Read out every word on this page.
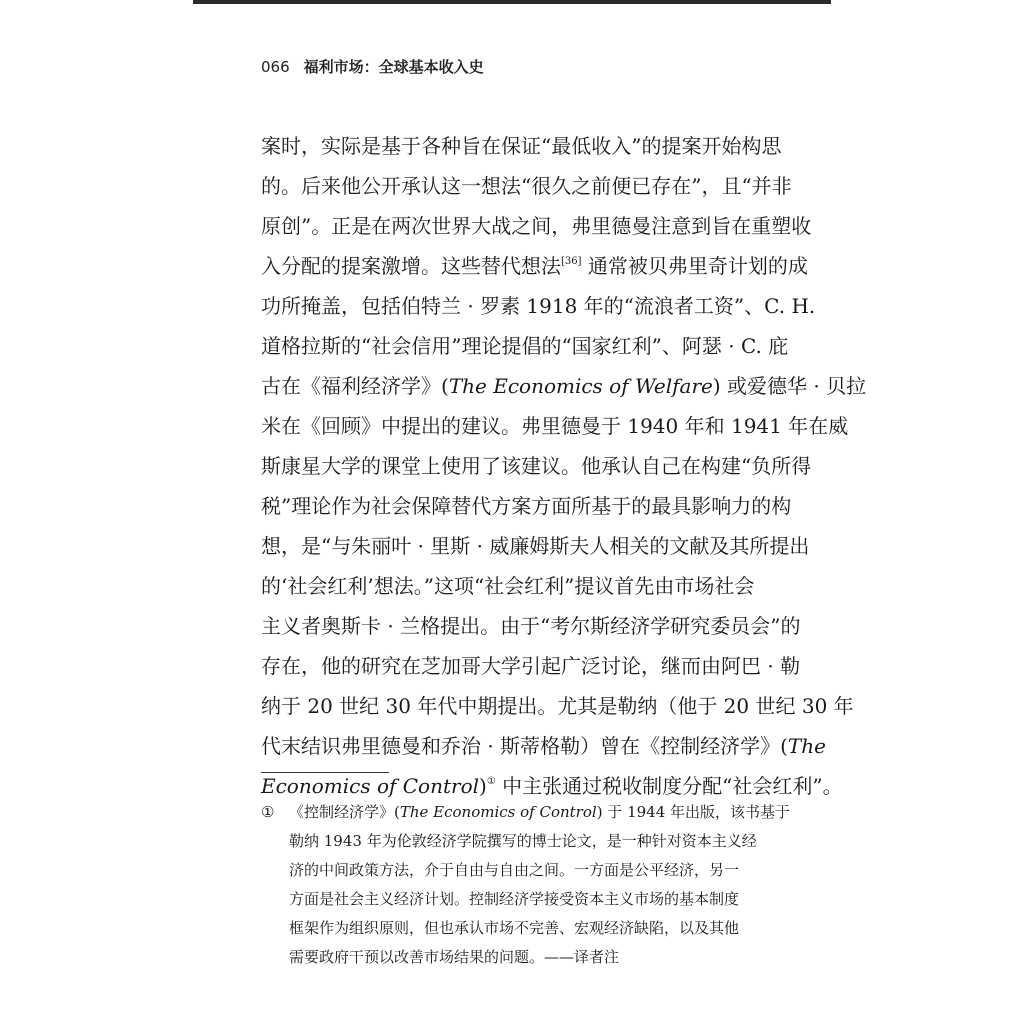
066 福利市场：全球基本收入史
案时，实际是基于各种旨在保证“最低收入”的提案开始构思
的。后来他公开承认这一想法“很久之前便已存在”，且“并非
原创”。正是在两次世界大战之间，弗里德曼注意到旨在重塑收
入分配的提案激增。这些替代想法[36] 通常被贝弗里奇计划的成
功所掩盖，包括伯特兰 · 罗素 1918 年的“流浪者工资”、C. H.
道格拉斯的“社会信用”理论提倡的“国家红利”、阿瑟 · C. 庇
古在《福利经济学》(The Economics of Welfare) 或爱德华 · 贝拉
米在《回顾》中提出的建议。弗里德曼于 1940 年和 1941 年在威
斯康星大学的课堂上使用了该建议。他承认自己在构建“负所得
税”理论作为社会保障替代方案方面所基于的最具影响力的构
想，是“与朱丽叶 · 里斯 · 威廉姆斯夫人相关的文献及其所提出
的‘社会红利’想法。”这项“社会红利”提议首先由市场社会
主义者奥斯卡 · 兰格提出。由于“考尔斯经济学研究委员会”的
存在，他的研究在芝加哥大学引起广泛讨论，继而由阿巴 · 勒
纳于 20 世纪 30 年代中期提出。尤其是勒纳（他于 20 世纪 30 年
代末结识弗里德曼和乔治 · 斯蒂格勒）曾在《控制经济学》(The
Economics of Control)① 中主张通过税收制度分配“社会红利”。
① 《控制经济学》(The Economics of Control) 于 1944 年出版，该书基于
勒纳 1943 年为伦敦经济学院撰写的博士论文，是一种针对资本主义经
济的中间政策方法，介于自由与自由之间。一方面是公平经济，另一
方面是社会主义经济计划。控制经济学接受资本主义市场的基本制度
框架作为组织原则，但也承认市场不完善、宏观经济缺陷，以及其他
需要政府干预以改善市场结果的问题。——译者注
